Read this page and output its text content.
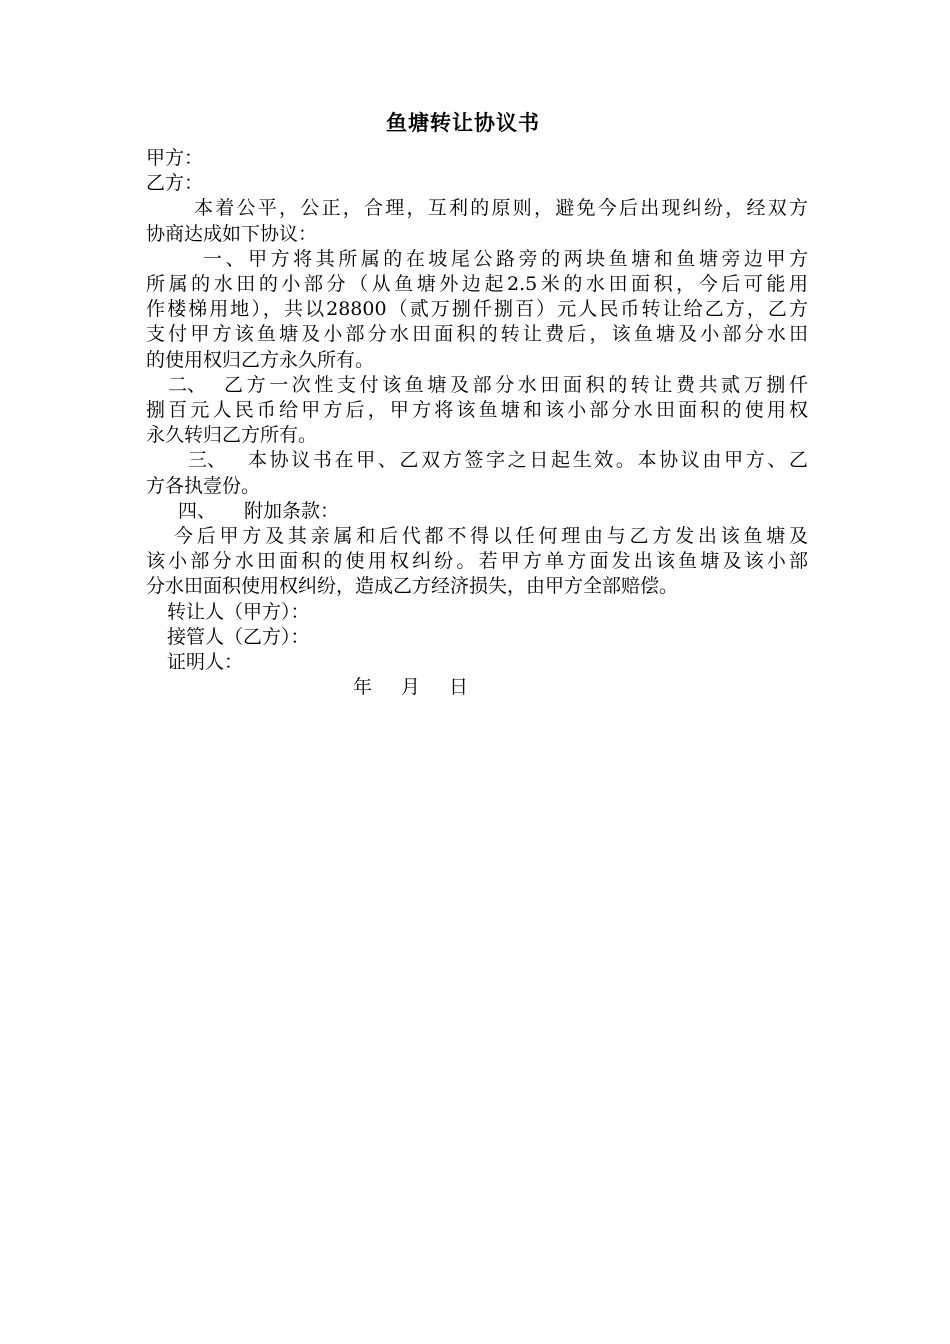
鱼塘转让协议书
甲方：
乙方：
本着公平，公正，合理，互利的原则，避免今后出现纠纷，经双方
协商达成如下协议：
一、甲方将其所属的在坡尾公路旁的两块鱼塘和鱼塘旁边甲方
所属的水田的小部分（从鱼塘外边起2.5米的水田面积，今后可能用
作楼梯用地），共以28800（贰万捌仟捌百）元人民币转让给乙方，乙方
支付甲方该鱼塘及小部分水田面积的转让费后，该鱼塘及小部分水田
的使用权归乙方永久所有。
二、 乙方一次性支付该鱼塘及部分水田面积的转让费共贰万捌仟
捌百元人民币给甲方后，甲方将该鱼塘和该小部分水田面积的使用权
永久转归乙方所有。
三、	本协议书在甲、乙双方签字之日起生效。本协议由甲方、乙
方各执壹份。
四、	附加条款：
今后甲方及其亲属和后代都不得以任何理由与乙方发出该鱼塘及
该小部分水田面积的使用权纠纷。若甲方单方面发出该鱼塘及该小部
分水田面积使用权纠纷，造成乙方经济损失，由甲方全部赔偿。
转让人（甲方）：
接管人（乙方）：
证明人：
年	月	日
